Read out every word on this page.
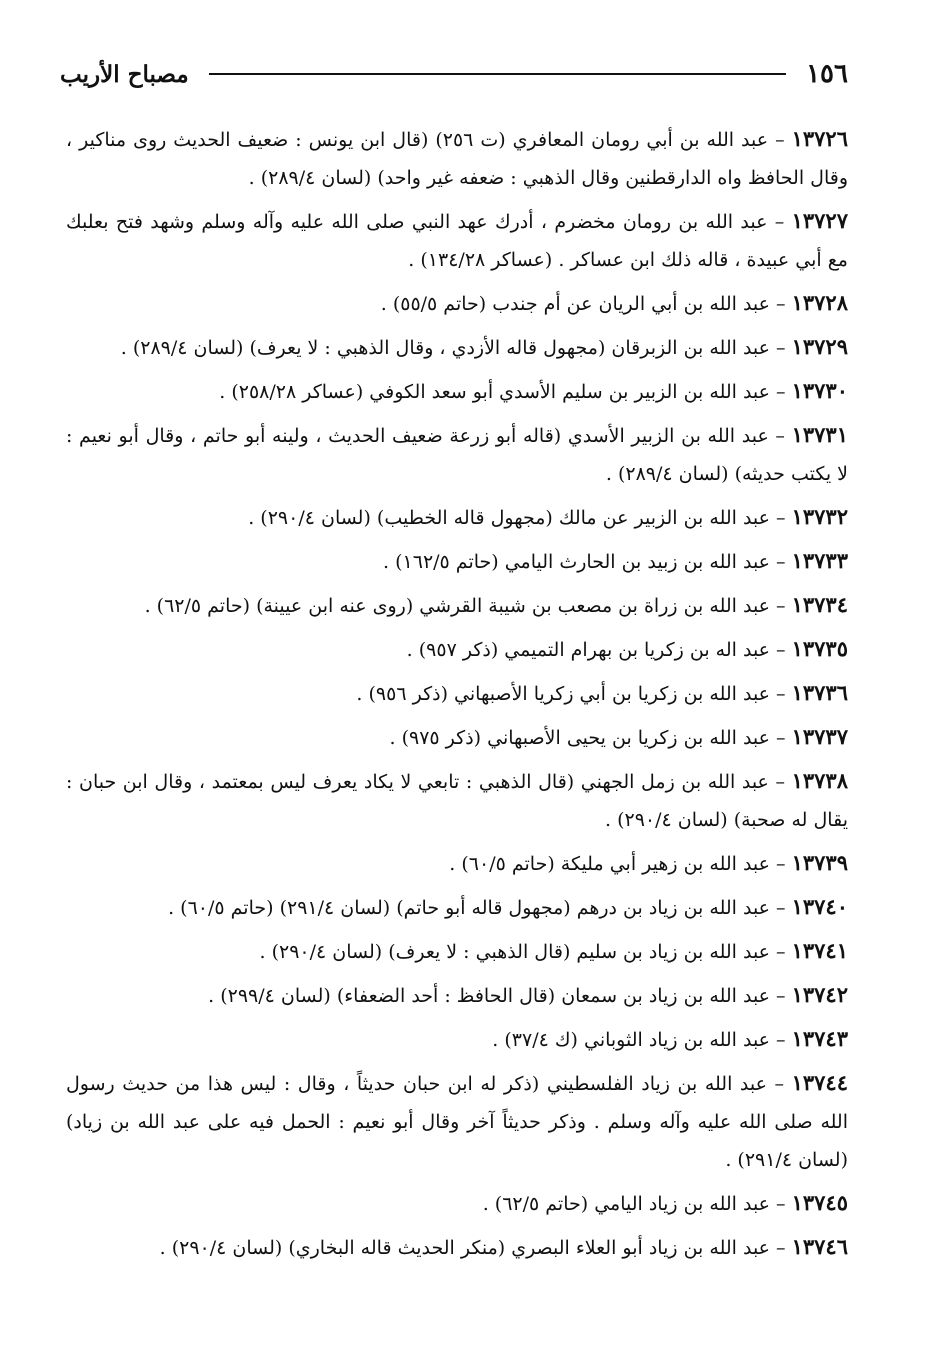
١٥٦
مصباح الأريب

١٣٧٢٦ – عبد الله بن أبي رومان المعافري (ت ٢٥٦) (قال ابن يونس : ضعيف الحديث روى مناكير ، وقال الحافظ واه الدارقطنين وقال الذهبي : ضعفه غير واحد) (لسان ٢٨٩/٤) .

١٣٧٢٧ – عبد الله بن رومان مخضرم ، أدرك عهد النبي صلى الله عليه وآله وسلم وشهد فتح بعلبك مع أبي عبيدة ، قاله ذلك ابن عساكر . (عساكر ١٣٤/٢٨) .

١٣٧٢٨ – عبد الله بن أبي الريان عن أم جندب (حاتم ٥٥/٥) .

١٣٧٢٩ – عبد الله بن الزبرقان (مجهول قاله الأزدي ، وقال الذهبي : لا يعرف) (لسان ٢٨٩/٤) .

١٣٧٣٠ – عبد الله بن الزبير بن سليم الأسدي أبو سعد الكوفي (عساكر ٢٥٨/٢٨) .

١٣٧٣١ – عبد الله بن الزبير الأسدي (قاله أبو زرعة ضعيف الحديث ، ولينه أبو حاتم ، وقال أبو نعيم : لا يكتب حديثه) (لسان ٢٨٩/٤) .

١٣٧٣٢ – عبد الله بن الزبير عن مالك (مجهول قاله الخطيب) (لسان ٢٩٠/٤) .

١٣٧٣٣ – عبد الله بن زبيد بن الحارث اليامي (حاتم ١٦٢/٥) .

١٣٧٣٤ – عبد الله بن زراة بن مصعب بن شيبة القرشي (روى عنه ابن عيينة) (حاتم ٦٢/٥) .

١٣٧٣٥ – عبد اله بن زكريا بن بهرام التميمي (ذكر ٩٥٧) .

١٣٧٣٦ – عبد الله بن زكريا بن أبي زكريا الأصبهاني (ذكر ٩٥٦) .

١٣٧٣٧ – عبد الله بن زكريا بن يحيى الأصبهاني (ذكر ٩٧٥) .

١٣٧٣٨ – عبد الله بن زمل الجهني (قال الذهبي : تابعي لا يكاد يعرف ليس بمعتمد ، وقال ابن حبان : يقال له صحبة) (لسان ٢٩٠/٤) .

١٣٧٣٩ – عبد الله بن زهير أبي مليكة (حاتم ٦٠/٥) .

١٣٧٤٠ – عبد الله بن زياد بن درهم (مجهول قاله أبو حاتم) (لسان ٢٩١/٤) (حاتم ٦٠/٥) .

١٣٧٤١ – عبد الله بن زياد بن سليم (قال الذهبي : لا يعرف) (لسان ٢٩٠/٤) .

١٣٧٤٢ – عبد الله بن زياد بن سمعان (قال الحافظ : أحد الضعفاء) (لسان ٢٩٩/٤) .

١٣٧٤٣ – عبد الله بن زياد الثوباني (ك ٣٧/٤) .

١٣٧٤٤ – عبد الله بن زياد الفلسطيني (ذكر له ابن حبان حديثاً ، وقال : ليس هذا من حديث رسول الله صلى الله عليه وآله وسلم . وذكر حديثاً آخر وقال أبو نعيم : الحمل فيه على عبد الله بن زياد) (لسان ٢٩١/٤) .

١٣٧٤٥ – عبد الله بن زياد اليامي (حاتم ٦٢/٥) .

١٣٧٤٦ – عبد الله بن زياد أبو العلاء البصري (منكر الحديث قاله البخاري) (لسان ٢٩٠/٤) .
